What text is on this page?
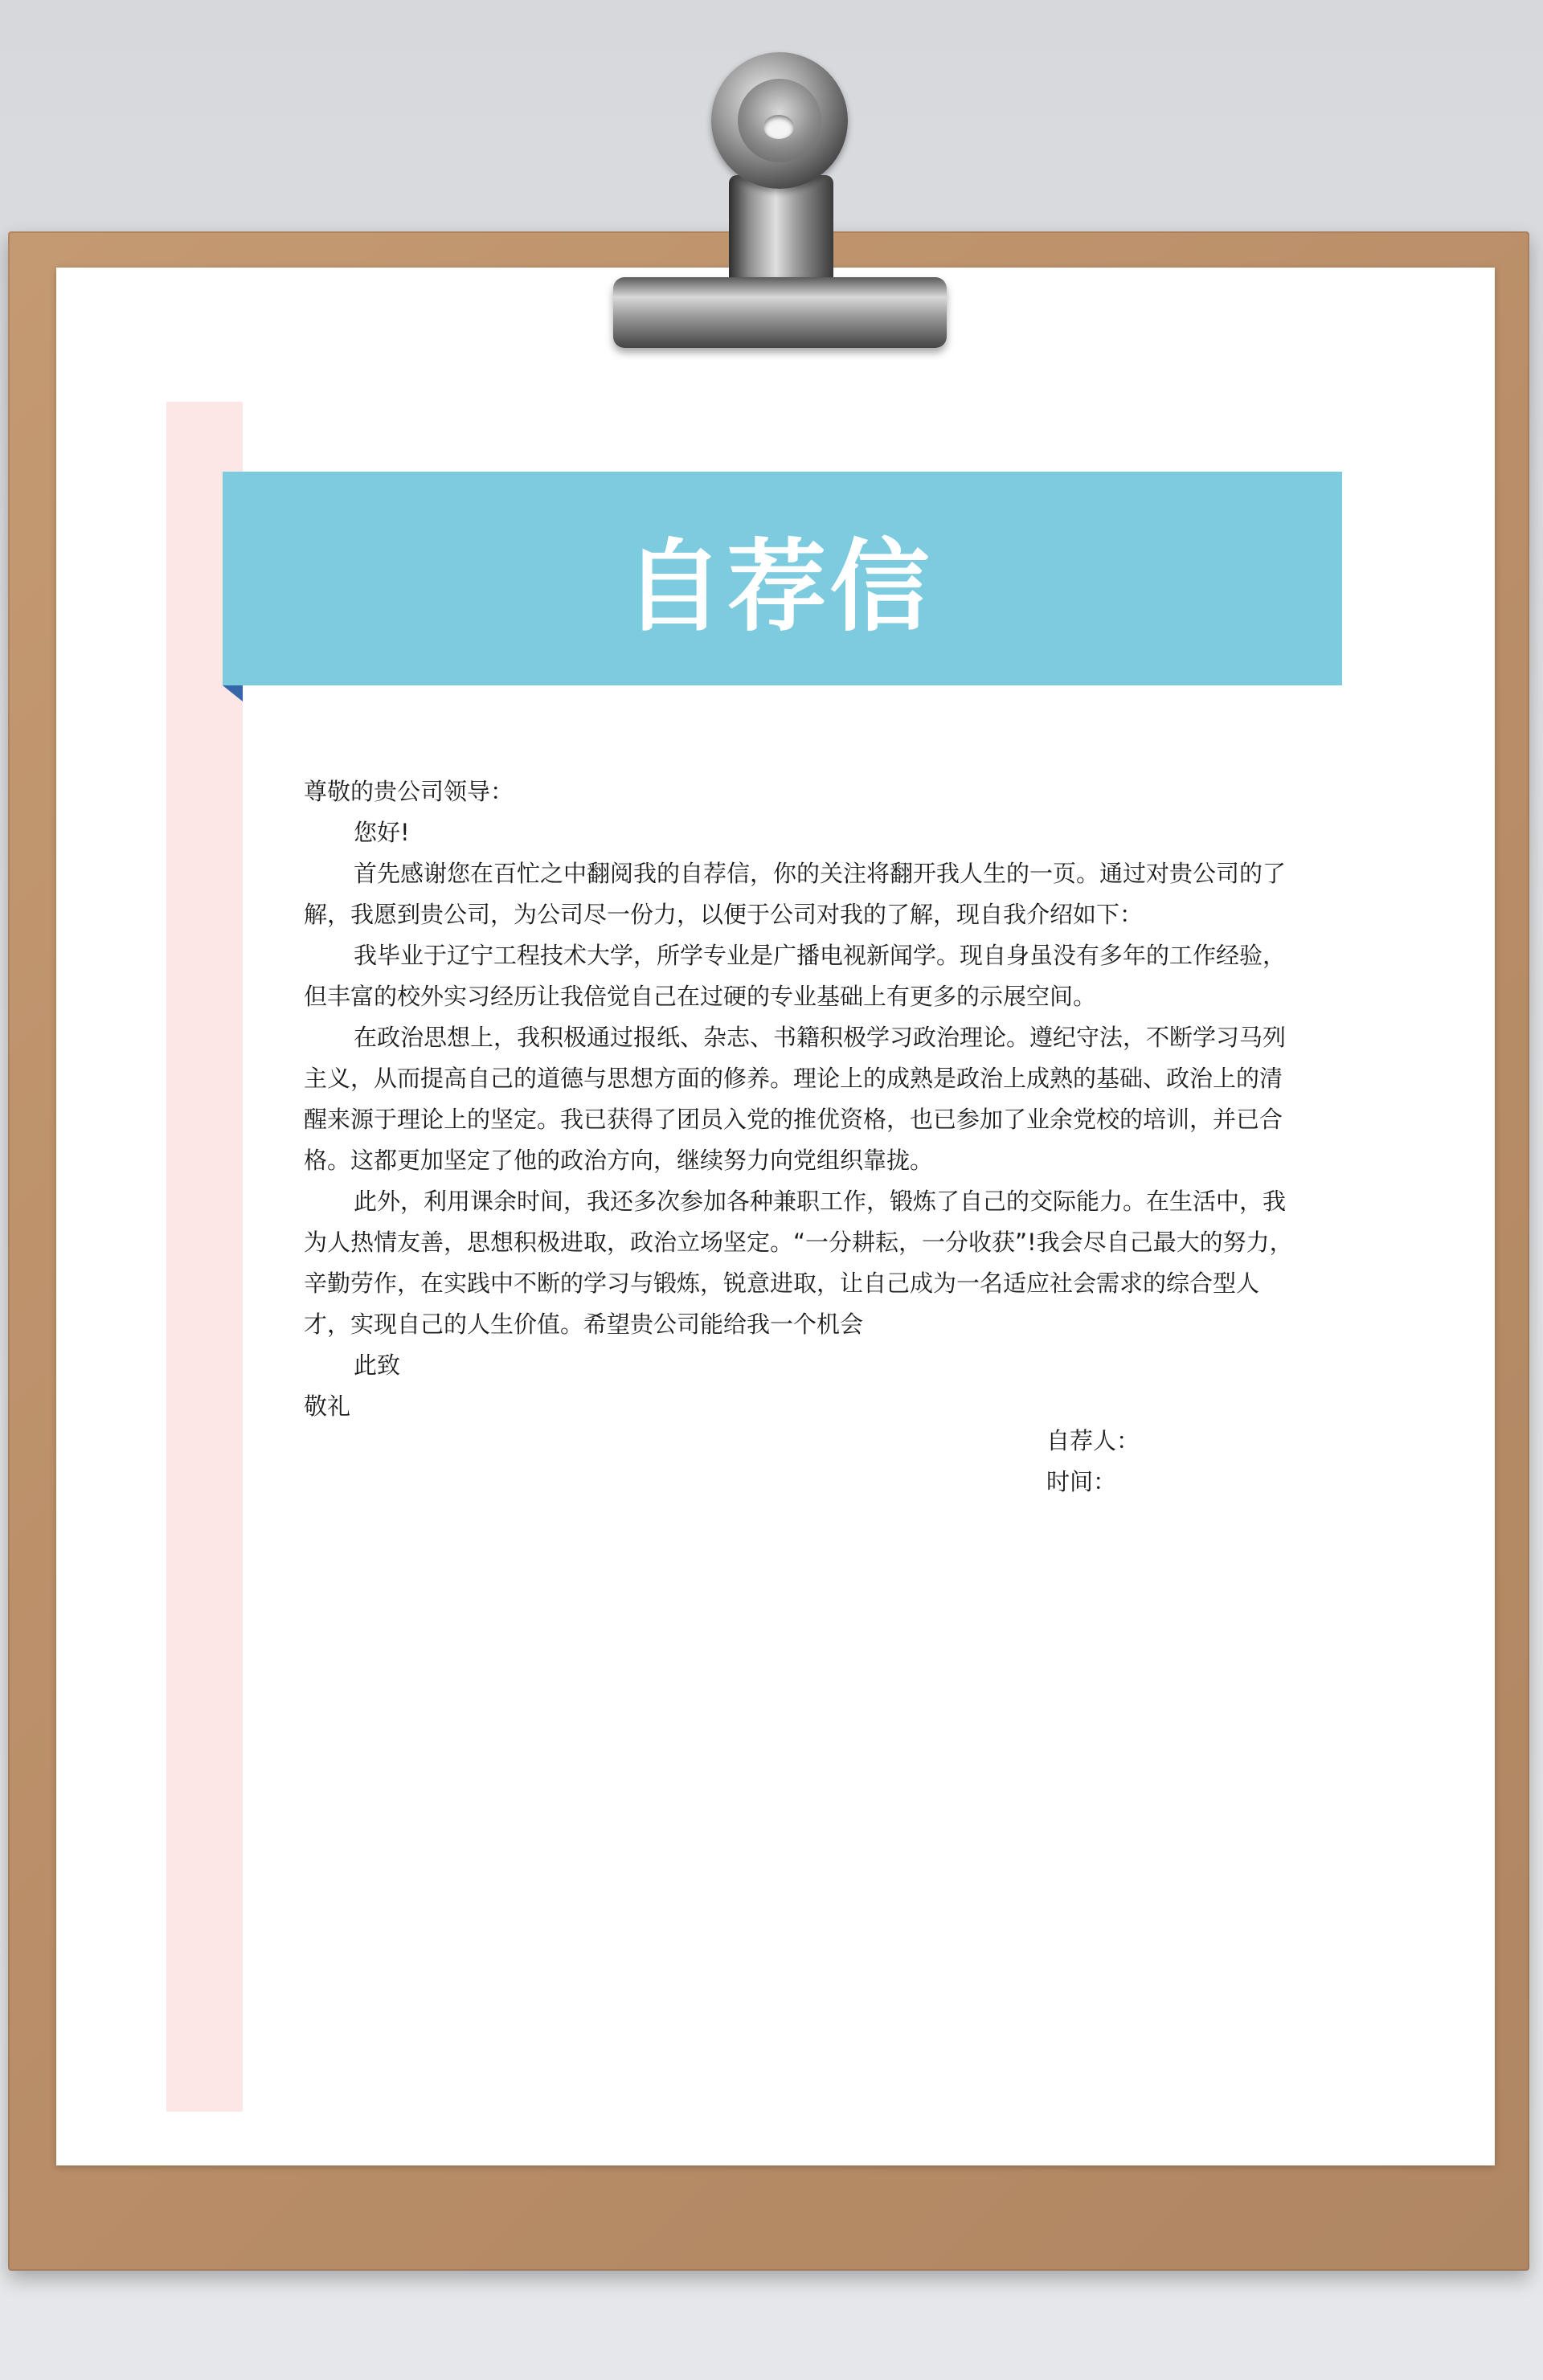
自荐信

尊敬的贵公司领导：

您好!

首先感谢您在百忙之中翻阅我的自荐信，你的关注将翻开我人生的一页。通过对贵公司的了解，我愿到贵公司，为公司尽一份力，以便于公司对我的了解，现自我介绍如下：

我毕业于辽宁工程技术大学，所学专业是广播电视新闻学。现自身虽没有多年的工作经验，但丰富的校外实习经历让我倍觉自己在过硬的专业基础上有更多的示展空间。

在政治思想上，我积极通过报纸、杂志、书籍积极学习政治理论。遵纪守法，不断学习马列主义，从而提高自己的道德与思想方面的修养。理论上的成熟是政治上成熟的基础、政治上的清醒来源于理论上的坚定。我已获得了团员入党的推优资格，也已参加了业余党校的培训，并已合格。这都更加坚定了他的政治方向，继续努力向党组织靠拢。

此外，利用课余时间，我还多次参加各种兼职工作，锻炼了自己的交际能力。在生活中，我为人热情友善，思想积极进取，政治立场坚定。“一分耕耘，一分收获”!我会尽自己最大的努力，辛勤劳作，在实践中不断的学习与锻炼，锐意进取，让自己成为一名适应社会需求的综合型人才，实现自己的人生价值。希望贵公司能给我一个机会

此致

敬礼

自荐人：

时间：
